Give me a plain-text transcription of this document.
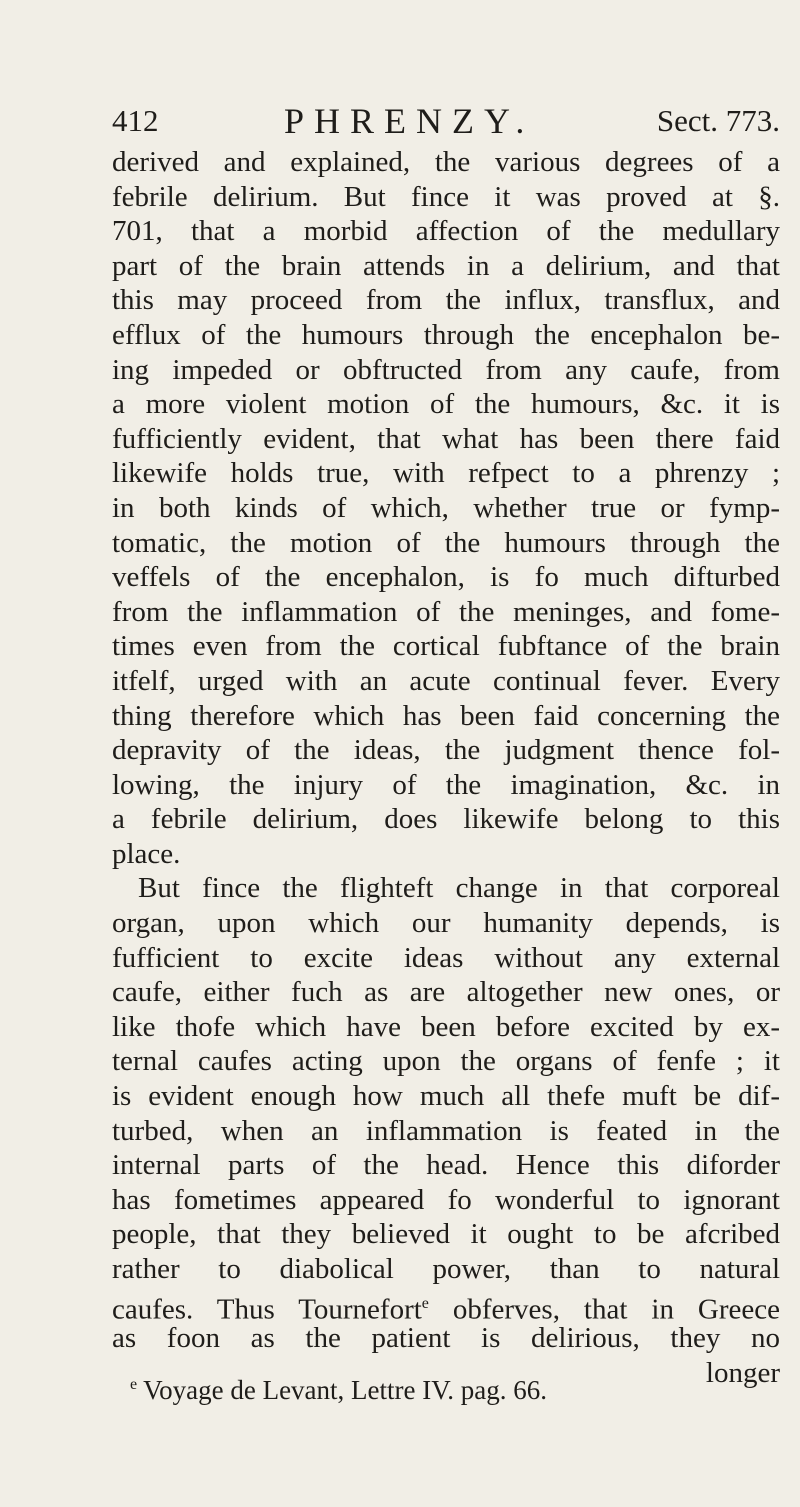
412	PHRENZY.	Sect. 773.
derived and explained, the various degrees of a
febrile delirium. But fince it was proved at §.
701, that a morbid affection of the medullary
part of the brain attends in a delirium, and that
this may proceed from the influx, transflux, and
efflux of the humours through the encephalon be-
ing impeded or obftructed from any caufe, from
a more violent motion of the humours, &c. it is
fufficiently evident, that what has been there faid
likewife holds true, with refpect to a phrenzy ;
in both kinds of which, whether true or fymp-
tomatic, the motion of the humours through the
veffels of the encephalon, is fo much difturbed
from the inflammation of the meninges, and fome-
times even from the cortical fubftance of the brain
itfelf, urged with an acute continual fever. Every
thing therefore which has been faid concerning the
depravity of the ideas, the judgment thence fol-
lowing, the injury of the imagination, &c. in
a febrile delirium, does likewife belong to this
place.
But fince the flighteft change in that corporeal
organ, upon which our humanity depends, is
fufficient to excite ideas without any external
caufe, either fuch as are altogether new ones, or
like thofe which have been before excited by ex-
ternal caufes acting upon the organs of fenfe ; it
is evident enough how much all thefe muft be dif-
turbed, when an inflammation is feated in the
internal parts of the head. Hence this diforder
has fometimes appeared fo wonderful to ignorant
people, that they believed it ought to be afcribed
rather to diabolical power, than to natural
caufes. Thus Tournefort$^e$ obferves, that in Greece
as foon as the patient is delirious, they no
longer
$^e$ Voyage de Levant, Lettre IV. pag. 66.
